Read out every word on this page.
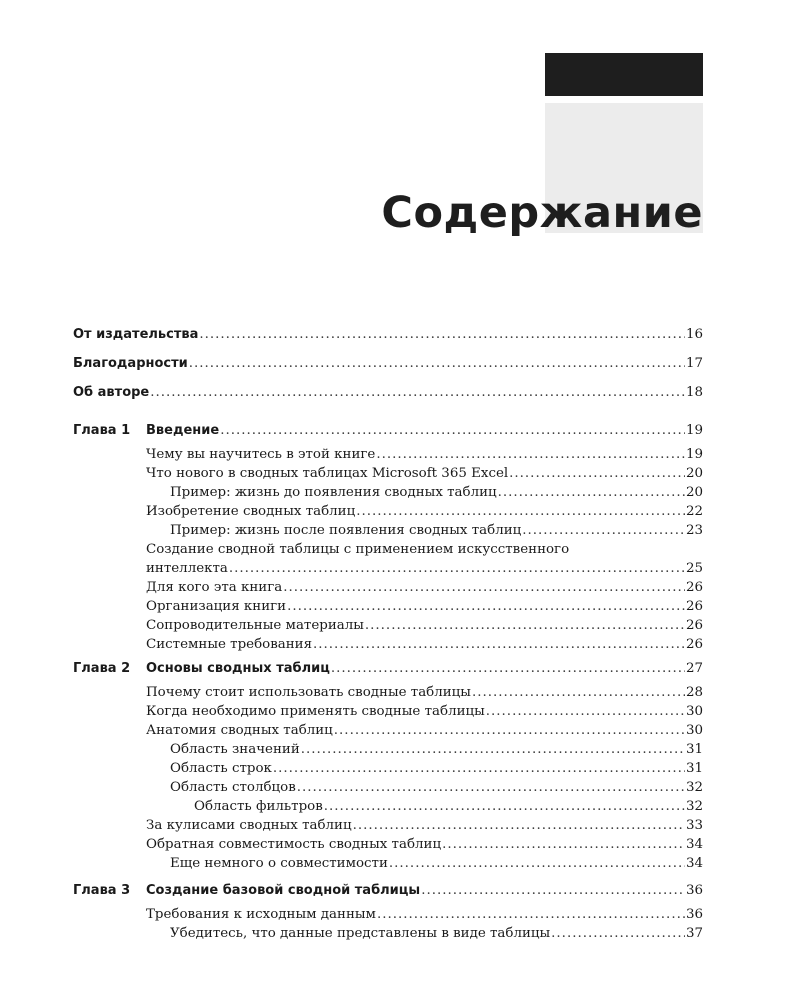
Содержание
От издательства .....	16
Благодарности .....	17
Об авторе .....	18
Глава 1 Введение .....	19
Чему вы научитесь в этой книге .....	19
Что нового в сводных таблицах Microsoft 365 Excel .....	20
Пример: жизнь до появления сводных таблиц .....	20
Изобретение сводных таблиц .....	22
Пример: жизнь после появления сводных таблиц .....	23
Создание сводной таблицы с применением искусственного
интеллекта .....	25
Для кого эта книга .....	26
Организация книги .....	26
Сопроводительные материалы .....	26
Системные требования .....	26
Глава 2 Основы сводных таблиц .....	27
Почему стоит использовать сводные таблицы .....	28
Когда необходимо применять сводные таблицы .....	30
Анатомия сводных таблиц .....	30
Область значений .....	31
Область строк .....	31
Область столбцов .....	32
Область фильтров .....	32
За кулисами сводных таблиц .....	33
Обратная совместимость сводных таблиц .....	34
Еще немного о совместимости .....	34
Глава 3 Создание базовой сводной таблицы .....	36
Требования к исходным данным .....	36
Убедитесь, что данные представлены в виде таблицы .....	37
